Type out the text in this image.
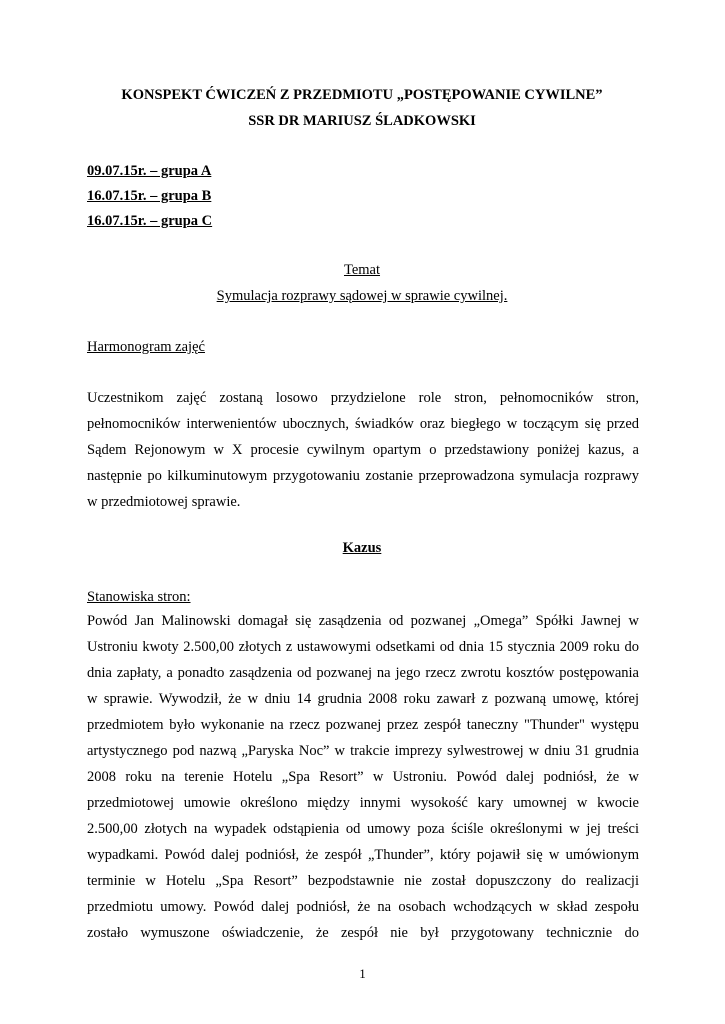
KONSPEKT ĆWICZEŃ Z PRZEDMIOTU „POSTĘPOWANIE CYWILNE”
SSR DR MARIUSZ ŚLADKOWSKI
09.07.15r. – grupa A
16.07.15r. – grupa B
16.07.15r. – grupa C
Temat
Symulacja rozprawy sądowej w sprawie cywilnej.
Harmonogram zajęć
Uczestnikom zajęć zostaną losowo przydzielone role stron, pełnomocników stron,
pełnomocników interwenientów ubocznych, świadków oraz biegłego w toczącym się przed
Sądem Rejonowym w X procesie cywilnym opartym o przedstawiony poniżej kazus, a
następnie po kilkuminutowym przygotowaniu zostanie przeprowadzona symulacja rozprawy
w przedmiotowej sprawie.
Kazus
Stanowiska stron:
Powód Jan Malinowski domagał się zasądzenia od pozwanej „Omega” Spółki Jawnej w
Ustroniu kwoty 2.500,00 złotych z ustawowymi odsetkami od dnia 15 stycznia 2009 roku do
dnia zapłaty, a ponadto zasądzenia od pozwanej na jego rzecz zwrotu kosztów postępowania
w sprawie. Wywodził, że w dniu 14 grudnia 2008 roku zawarł z pozwaną umowę, której
przedmiotem było wykonanie na rzecz pozwanej przez zespół taneczny "Thunder" występu
artystycznego pod nazwą „Paryska Noc” w trakcie imprezy sylwestrowej w dniu 31 grudnia
2008 roku na terenie Hotelu „Spa Resort” w Ustroniu. Powód dalej podniósł, że w
przedmiotowej umowie określono między innymi wysokość kary umownej w kwocie
2.500,00 złotych na wypadek odstąpienia od umowy poza ściśle określonymi w jej treści
wypadkami. Powód dalej podniósł, że zespół „Thunder”, który pojawił się w umówionym
terminie w Hotelu „Spa Resort” bezpodstawnie nie został dopuszczony do realizacji
przedmiotu umowy. Powód dalej podniósł, że na osobach wchodzących w skład zespołu
zostało wymuszone oświadczenie, że zespół nie był przygotowany technicznie do
1
